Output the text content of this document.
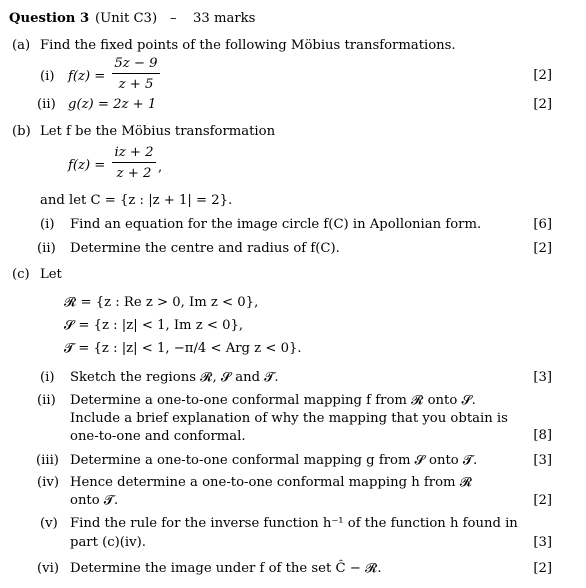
Question 3 (Unit C3) – 33 marks
(a) Find the fixed points of the following Möbius transformations.
(i) f(z) =
5z − 9
z + 5
[2]
(ii) g(z) = 2z + 1	[2]
(b) Let f be the Möbius transformation
f(z) =
iz + 2
z + 2 ,
and let C = {z : |z + 1| = 2}.
(i) Find an equation for the image circle f(C) in Apollonian form.	[6]
(ii) Determine the centre and radius of f(C).	[2]
(c) Let
𝓡 = {z : Re z > 0, Im z < 0},
𝓢 = {z : |z| < 1, Im z < 0},
𝓣 = {z : |z| < 1, −π/4 < Arg z < 0}.
(i) Sketch the regions 𝓡, 𝓢 and 𝓣.	[3]
(ii) Determine a one-to-one conformal mapping f from 𝓡 onto 𝓢.
Include a brief explanation of why the mapping that you obtain is
one-to-one and conformal.	[8]
(iii) Determine a one-to-one conformal mapping g from 𝓢 onto 𝓣.	[3]
(iv) Hence determine a one-to-one conformal mapping h from 𝓡
onto 𝓣.	[2]
(v) Find the rule for the inverse function h⁻¹ of the function h found in
part (c)(iv).	[3]
(vi) Determine the image under f of the set Ĉ − 𝓡.	[2]
